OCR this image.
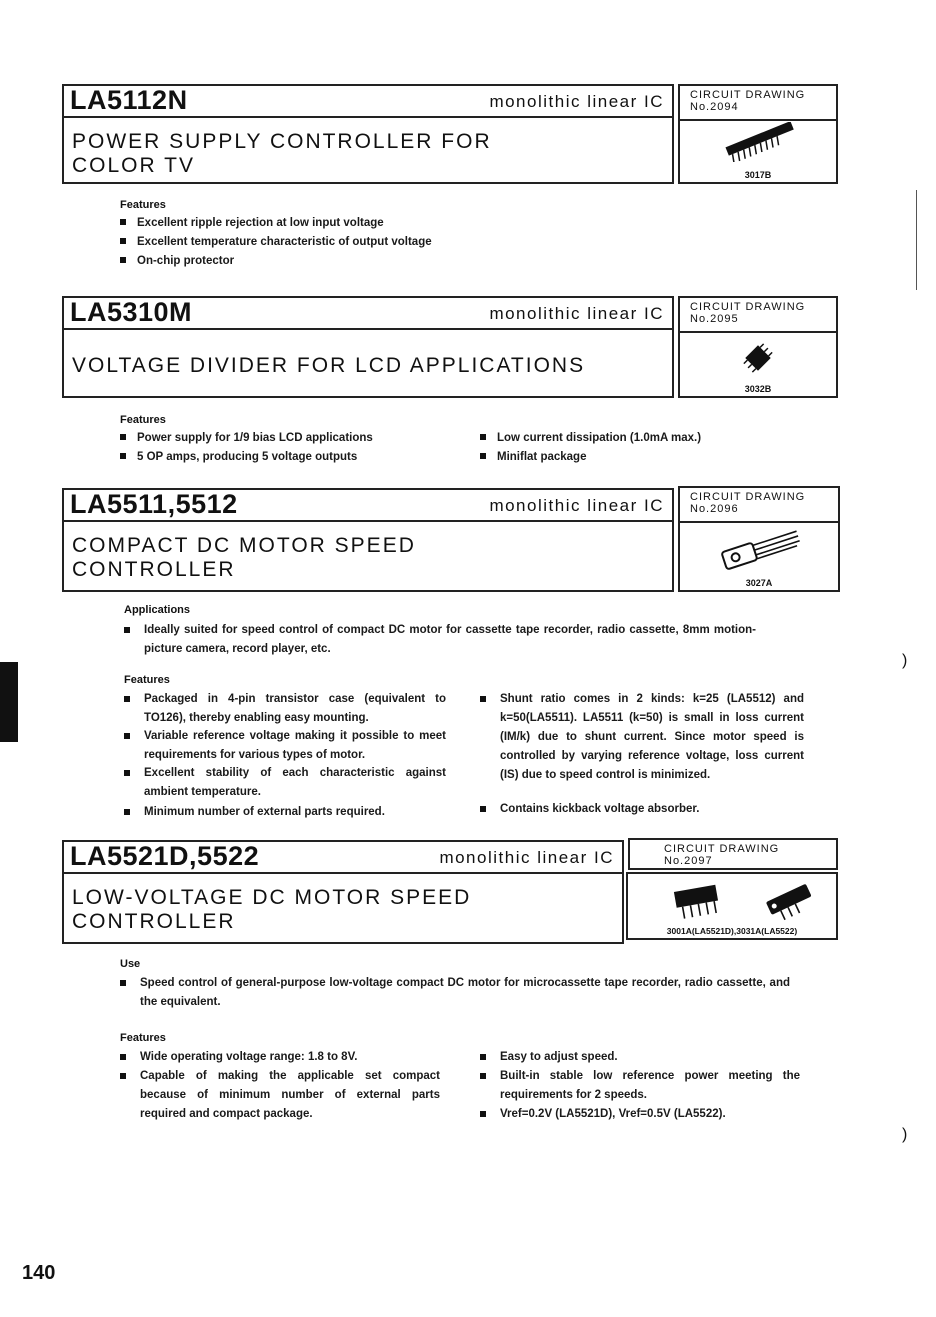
LA5112N	monolithic linear IC
POWER SUPPLY CONTROLLER FOR
COLOR TV
CIRCUIT DRAWING
No.2094
3017B
Features
Excellent ripple rejection at low input voltage
Excellent temperature characteristic of output voltage
On-chip protector
LA5310M	monolithic linear IC
VOLTAGE DIVIDER FOR LCD APPLICATIONS
CIRCUIT DRAWING
No.2095
3032B
Features
Power supply for 1/9 bias LCD applications
5 OP amps, producing 5 voltage outputs
Low current dissipation (1.0mA max.)
Miniflat package
LA5511,5512	monolithic linear IC
COMPACT DC MOTOR SPEED
CONTROLLER
CIRCUIT DRAWING
No.2096
3027A
Applications
Ideally suited for speed control of compact DC motor for cassette tape recorder, radio cassette, 8mm motion-picture camera, record player, etc.
Features
Packaged in 4-pin transistor case (equivalent to TO126), thereby enabling easy mounting.
Variable reference voltage making it possible to meet requirements for various types of motor.
Excellent stability of each characteristic against ambient temperature.
Minimum number of external parts required.
Shunt ratio comes in 2 kinds: k=25 (LA5512) and k=50(LA5511). LA5511 (k=50) is small in loss current (IM/k) due to shunt current. Since motor speed is controlled by varying reference voltage, loss current (IS) due to speed control is minimized.
Contains kickback voltage absorber.
LA5521D,5522	monolithic linear IC
LOW-VOLTAGE DC MOTOR SPEED
CONTROLLER
CIRCUIT DRAWING
No.2097
3001A(LA5521D),3031A(LA5522)
Use
Speed control of general-purpose low-voltage compact DC motor for microcassette tape recorder, radio cassette, and the equivalent.
Features
Wide operating voltage range: 1.8 to 8V.
Capable of making the applicable set compact because of minimum number of external parts required and compact package.
Easy to adjust speed.
Built-in stable low reference power meeting the requirements for 2 speeds.
Vref=0.2V (LA5521D), Vref=0.5V (LA5522).
)
)
140
